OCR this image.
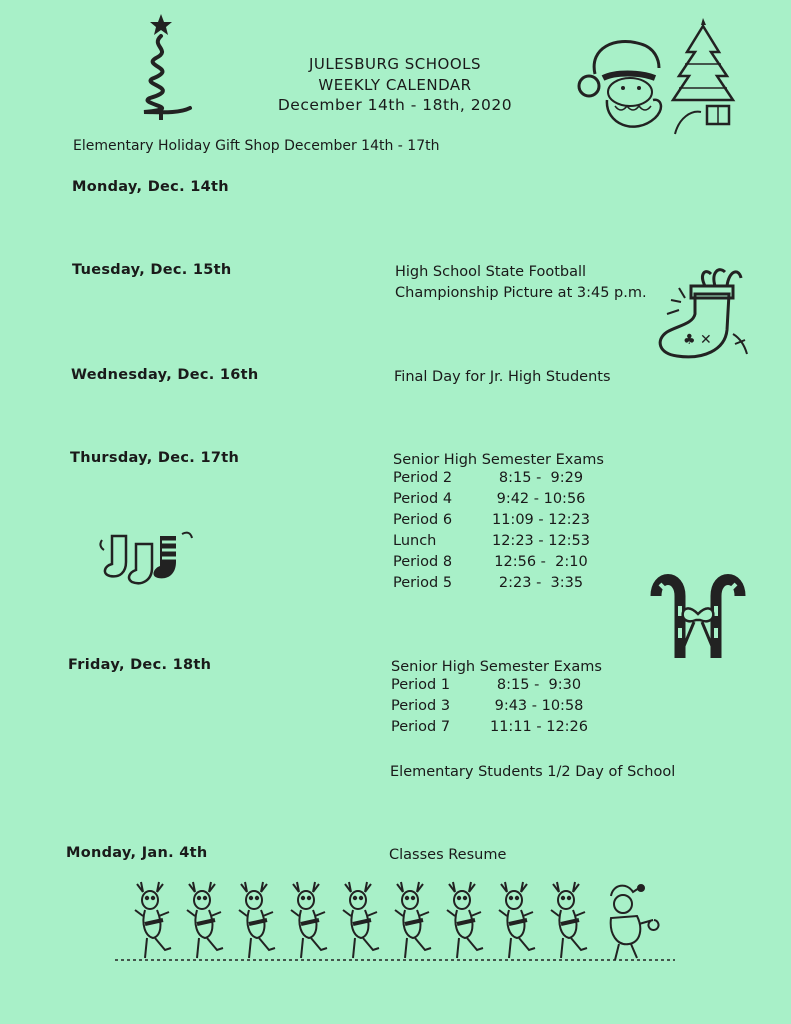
JULESBURG SCHOOLS
WEEKLY CALENDAR
December 14th - 18th, 2020
Elementary Holiday Gift Shop December 14th - 17th
Monday, Dec. 14th
Tuesday, Dec. 15th	High School State Football
Championship Picture at 3:45 p.m.
♣ ✕
Wednesday, Dec. 16th	Final Day for Jr. High Students
Thursday, Dec. 17th	Senior High Semester Exams
Period 2	8:15 -  9:29
Period 4	9:42 - 10:56
Period 6	11:09 - 12:23
Lunch	12:23 - 12:53
Period 8	12:56 -  2:10
Period 5	2:23 -  3:35
Friday, Dec. 18th	Senior High Semester Exams
Period 1	8:15 -  9:30
Period 3	9:43 - 10:58
Period 7	11:11 - 12:26
Elementary Students 1/2 Day of School
Monday, Jan. 4th	Classes Resume
